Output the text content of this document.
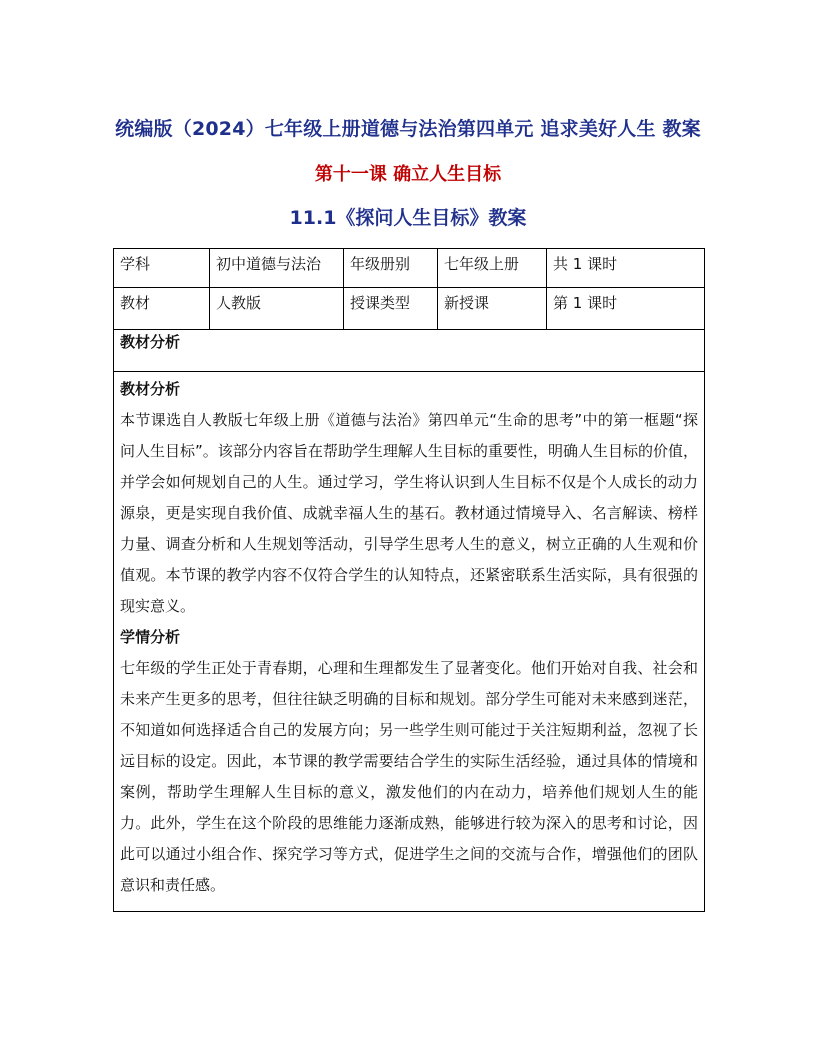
统编版（2024）七年级上册道德与法治第四单元 追求美好人生 教案
第十一课 确立人生目标
11.1《探问人生目标》教案
学科	初中道德与法治	年级册别	七年级上册	共 1 课时
教材	人教版	授课类型	新授课	第 1 课时
教材分析				

教材分析

本节课选自人教版七年级上册《道德与法治》第四单元“生命的思考”中的第一框题“探问人生目标”。该部分内容旨在帮助学生理解人生目标的重要性，明确人生目标的价值，并学会如何规划自己的人生。通过学习，学生将认识到人生目标不仅是个人成长的动力源泉，更是实现自我价值、成就幸福人生的基石。教材通过情境导入、名言解读、榜样力量、调查分析和人生规划等活动，引导学生思考人生的意义，树立正确的人生观和价值观。本节课的教学内容不仅符合学生的认知特点，还紧密联系生活实际，具有很强的现实意义。

学情分析

七年级的学生正处于青春期，心理和生理都发生了显著变化。他们开始对自我、社会和未来产生更多的思考，但往往缺乏明确的目标和规划。部分学生可能对未来感到迷茫，不知道如何选择适合自己的发展方向；另一些学生则可能过于关注短期利益，忽视了长远目标的设定。因此，本节课的教学需要结合学生的实际生活经验，通过具体的情境和案例，帮助学生理解人生目标的意义，激发他们的内在动力，培养他们规划人生的能力。此外，学生在这个阶段的思维能力逐渐成熟，能够进行较为深入的思考和讨论，因此可以通过小组合作、探究学习等方式，促进学生之间的交流与合作，增强他们的团队意识和责任感。				
